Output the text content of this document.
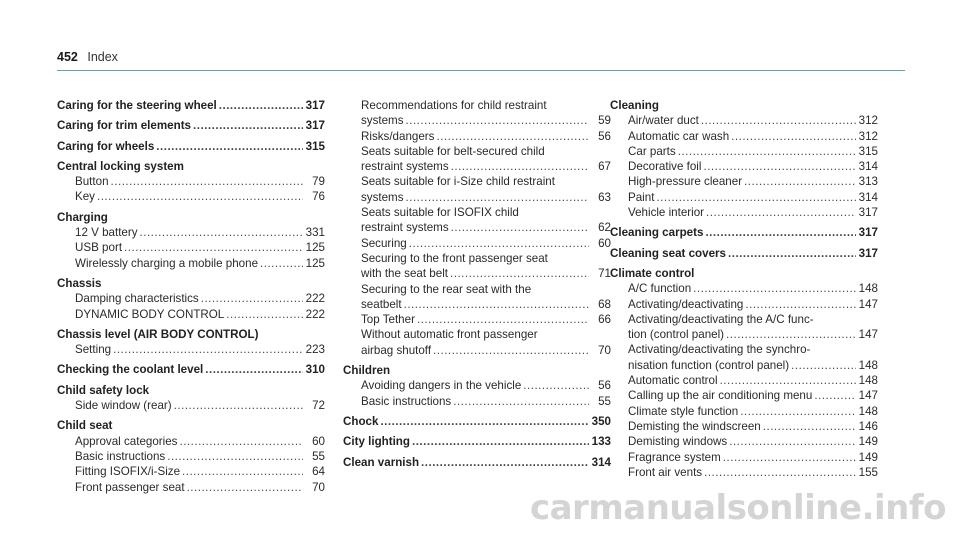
452 Index
Caring for the steering wheel .....	317
Caring for trim elements .....	317
Caring for wheels .....	315
Central locking system
Button .....	79
Key .....	76
Charging
12 V battery .....	331
USB port .....	125
Wirelessly charging a mobile phone .....	125
Chassis
Damping characteristics .....	222
DYNAMIC BODY CONTROL .....	222
Chassis level (AIR BODY CONTROL)
Setting .....	223
Checking the coolant level .....	310
Child safety lock
Side window (rear) .....	72
Child seat
Approval categories .....	60
Basic instructions .....	55
Fitting ISOFIX/i-Size .....	64
Front passenger seat .....	70
Recommendations for child restraint
systems .....	59
Risks/dangers .....	56
Seats suitable for belt-secured child
restraint systems .....	67
Seats suitable for i-Size child restraint
systems .....	63
Seats suitable for ISOFIX child
restraint systems .....	62
Securing .....	60
Securing to the front passenger seat
with the seat belt .....	71
Securing to the rear seat with the
seatbelt .....	68
Top Tether .....	66
Without automatic front passenger
airbag shutoff .....	70
Children
Avoiding dangers in the vehicle .....	56
Basic instructions .....	55
Chock .....	350
City lighting .....	133
Clean varnish .....	314
Cleaning
Air/water duct .....	312
Automatic car wash .....	312
Car parts .....	315
Decorative foil .....	314
High-pressure cleaner .....	313
Paint .....	314
Vehicle interior .....	317
Cleaning carpets .....	317
Cleaning seat covers .....	317
Climate control
A/C function .....	148
Activating/deactivating .....	147
Activating/deactivating the A/C func-
tion (control panel) .....	147
Activating/deactivating the synchro-
nisation function (control panel) .....	148
Automatic control .....	148
Calling up the air conditioning menu .....	147
Climate style function .....	148
Demisting the windscreen .....	146
Demisting windows .....	149
Fragrance system .....	149
Front air vents .....	155
carmanualsonline.info
